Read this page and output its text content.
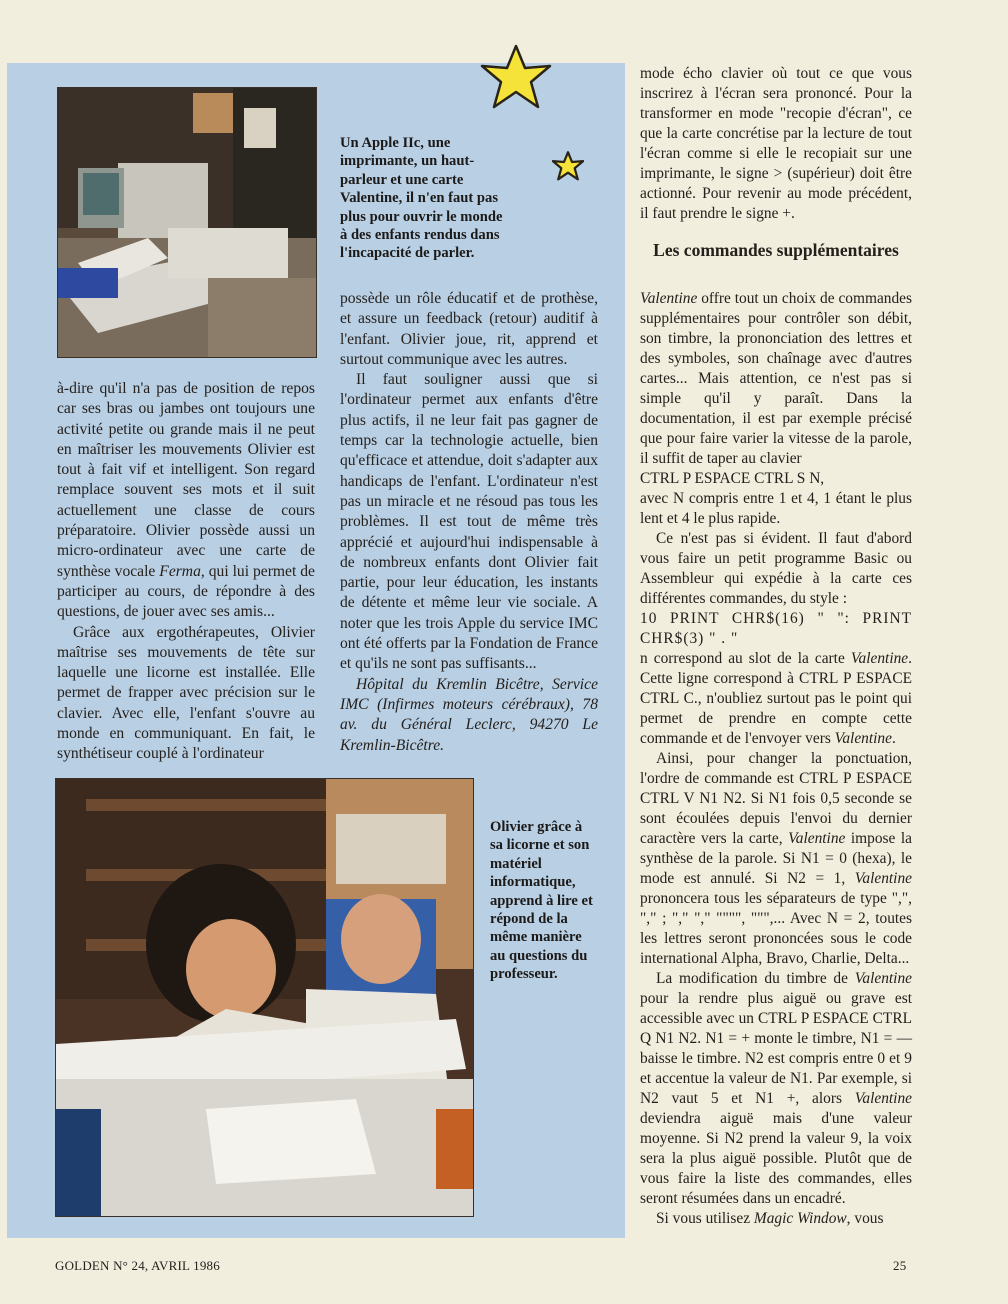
Un Apple IIc, une imprimante, un haut-parleur et une carte Valentine, il n'en faut pas plus pour ouvrir le monde à des enfants rendus dans l'incapacité de parler.

à-dire qu'il n'a pas de position de repos car ses bras ou jambes ont toujours une activité petite ou grande mais il ne peut en maîtriser les mouvements Olivier est tout à fait vif et intelligent. Son regard remplace souvent ses mots et il suit actuellement une classe de cours préparatoire. Olivier possède aussi un micro-ordinateur avec une carte de synthèse vocale Ferma, qui lui permet de participer au cours, de répondre à des questions, de jouer avec ses amis...

Grâce aux ergothérapeutes, Olivier maîtrise ses mouvements de tête sur laquelle une licorne est installée. Elle permet de frapper avec précision sur le clavier. Avec elle, l'enfant s'ouvre au monde en communiquant. En fait, le synthétiseur couplé à l'ordinateur

possède un rôle éducatif et de prothèse, et assure un feedback (retour) auditif à l'enfant. Olivier joue, rit, apprend et surtout communique avec les autres.

Il faut souligner aussi que si l'ordinateur permet aux enfants d'être plus actifs, il ne leur fait pas gagner de temps car la technologie actuelle, bien qu'efficace et attendue, doit s'adapter aux handicaps de l'enfant. L'ordinateur n'est pas un miracle et ne résoud pas tous les problèmes. Il est tout de même très apprécié et aujourd'hui indispensable à de nombreux enfants dont Olivier fait partie, pour leur éducation, les instants de détente et même leur vie sociale. A noter que les trois Apple du service IMC ont été offerts par la Fondation de France et qu'ils ne sont pas suffisants...

Hôpital du Kremlin Bicêtre, Service IMC (Infirmes moteurs cérébraux), 78 av. du Général Leclerc, 94270 Le Kremlin-Bicêtre.

Olivier grâce à sa licorne et son matériel informatique, apprend à lire et répond de la même manière au questions du professeur.

mode écho clavier où tout ce que vous inscrirez à l'écran sera prononcé. Pour la transformer en mode "recopie d'écran", ce que la carte concrétise par la lecture de tout l'écran comme si elle le recopiait sur une imprimante, le signe > (supérieur) doit être actionné. Pour revenir au mode précédent, il faut prendre le signe +.

Les commandes supplémentaires

Valentine offre tout un choix de commandes supplémentaires pour contrôler son débit, son timbre, la prononciation des lettres et des symboles, son chaînage avec d'autres cartes... Mais attention, ce n'est pas si simple qu'il y paraît. Dans la documentation, il est par exemple précisé que pour faire varier la vitesse de la parole, il suffit de taper au clavier

CTRL P ESPACE CTRL S N,

avec N compris entre 1 et 4, 1 étant le plus lent et 4 le plus rapide.

Ce n'est pas si évident. Il faut d'abord vous faire un petit programme Basic ou Assembleur qui expédie à la carte ces différentes commandes, du style :

10 PRINT CHR$(16) " ": PRINT CHR$(3) " . "

n correspond au slot de la carte Valentine. Cette ligne correspond à CTRL P ESPACE CTRL C., n'oubliez surtout pas le point qui permet de prendre en compte cette commande et de l'envoyer vers Valentine.

Ainsi, pour changer la ponctuation, l'ordre de commande est CTRL P ESPACE CTRL V N1 N2. Si N1 fois 0,5 seconde se sont écoulées depuis l'envoi du dernier caractère vers la carte, Valentine impose la synthèse de la parole. Si N1 = 0 (hexa), le mode est annulé. Si N2 = 1, Valentine prononcera tous les séparateurs de type ",", "," ; "," "," """", """,... Avec N = 2, toutes les lettres seront prononcées sous le code international Alpha, Bravo, Charlie, Delta...

La modification du timbre de Valentine pour la rendre plus aiguë ou grave est accessible avec un CTRL P ESPACE CTRL Q N1 N2. N1 = + monte le timbre, N1 = — baisse le timbre. N2 est compris entre 0 et 9 et accentue la valeur de N1. Par exemple, si N2 vaut 5 et N1 +, alors Valentine deviendra aiguë mais d'une valeur moyenne. Si N2 prend la valeur 9, la voix sera la plus aiguë possible. Plutôt que de vous faire la liste des commandes, elles seront résumées dans un encadré.

Si vous utilisez Magic Window, vous

GOLDEN N° 24, AVRIL 1986	25
